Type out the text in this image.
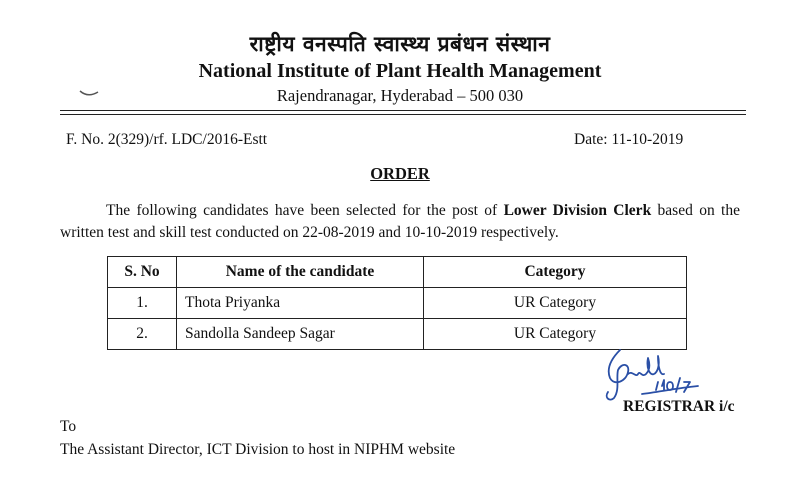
राष्ट्रीय वनस्पति स्वास्थ्य प्रबंधन संस्थान
National Institute of Plant Health Management
Rajendranagar, Hyderabad – 500 030
F. No. 2(329)/rf. LDC/2016-Estt	Date: 11-10-2019
ORDER
The following candidates have been selected for the post of Lower Division Clerk based on the written test and skill test conducted on 22-08-2019 and 10-10-2019 respectively.
S. No	Name of the candidate	Category
1.	Thota Priyanka	UR Category
2.	Sandolla Sandeep Sagar	UR Category
REGISTRAR i/c
To
The Assistant Director, ICT Division to host in NIPHM website
